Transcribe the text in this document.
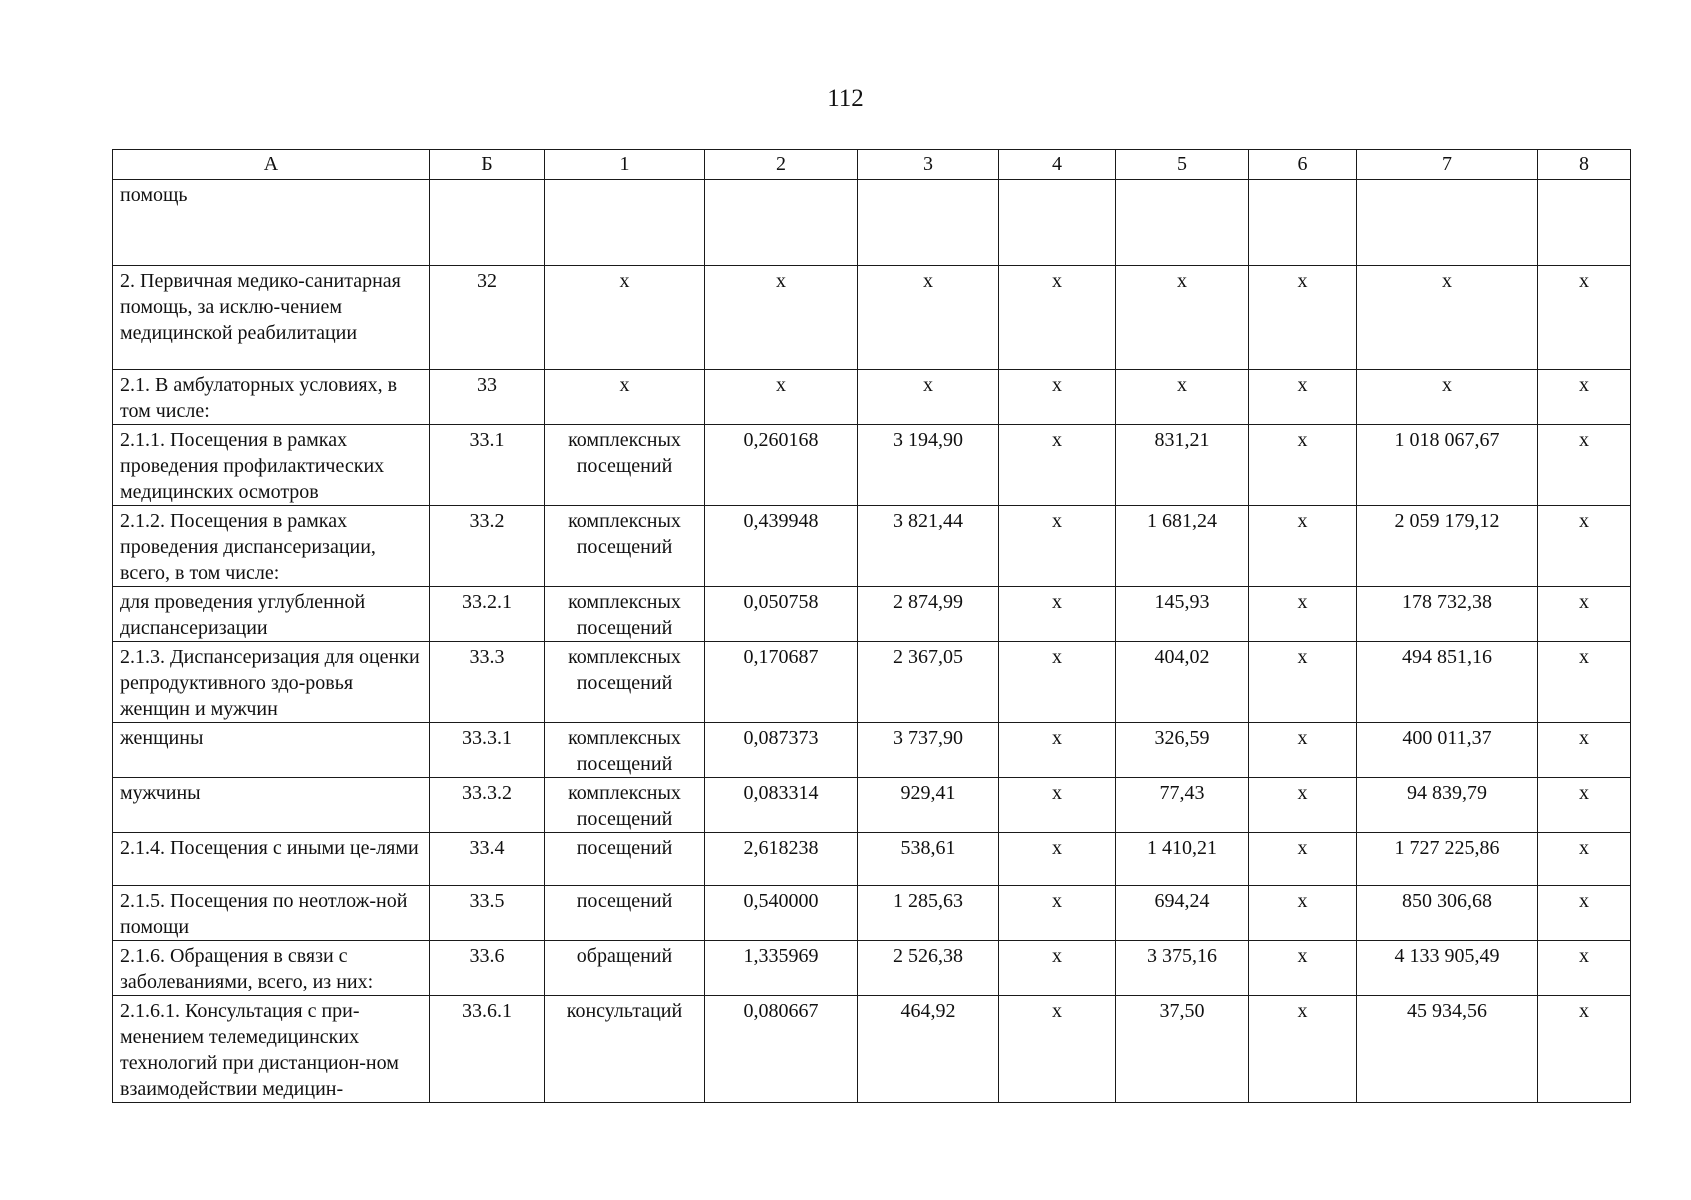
112
А	Б	1	2	3	4	5	6	7	8
помощь									
2. Первичная медико-санитарная помощь, за исклю-чением медицинской реабилитации	32	х	х	х	х	х	х	х	х
2.1. В амбулаторных условиях, в том числе:	33	х	х	х	х	х	х	х	х
2.1.1. Посещения в рамках проведения профилактических медицинских осмотров	33.1	комплексных посещений	0,260168	3 194,90	х	831,21	х	1 018 067,67	х
2.1.2. Посещения в рамках проведения диспансеризации, всего, в том числе:	33.2	комплексных посещений	0,439948	3 821,44	х	1 681,24	х	2 059 179,12	х
для проведения углубленной диспансеризации	33.2.1	комплексных посещений	0,050758	2 874,99	х	145,93	х	178 732,38	х
2.1.3. Диспансеризация для оценки репродуктивного здо-ровья женщин и мужчин	33.3	комплексных посещений	0,170687	2 367,05	х	404,02	х	494 851,16	х
женщины	33.3.1	комплексных посещений	0,087373	3 737,90	х	326,59	х	400 011,37	х
мужчины	33.3.2	комплексных посещений	0,083314	929,41	х	77,43	х	94 839,79	х
2.1.4. Посещения с иными це-лями	33.4	посещений	2,618238	538,61	х	1 410,21	х	1 727 225,86	х
2.1.5. Посещения по неотлож-ной помощи	33.5	посещений	0,540000	1 285,63	х	694,24	х	850 306,68	х
2.1.6. Обращения в связи с заболеваниями, всего, из них:	33.6	обращений	1,335969	2 526,38	х	3 375,16	х	4 133 905,49	х
2.1.6.1. Консультация с при-менением телемедицинских технологий при дистанцион-ном взаимодействии медицин-	33.6.1	консультаций	0,080667	464,92	х	37,50	х	45 934,56	х
